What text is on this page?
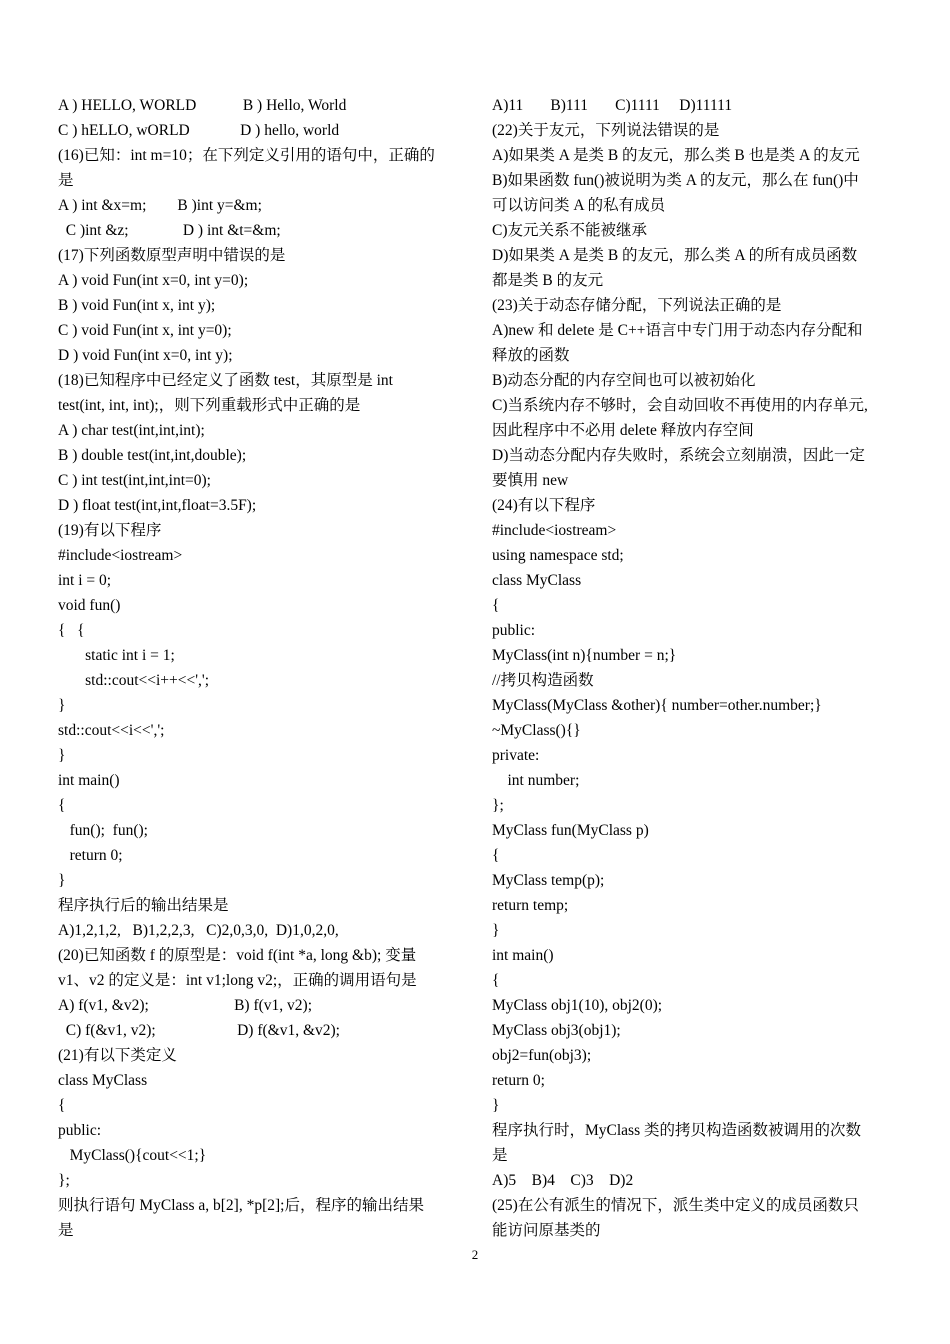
A ) HELLO, WORLD            B ) Hello, World
C ) hELLO, wORLD             D ) hello, world
(16)已知：int m=10；在下列定义引用的语句中，正确的
是
A ) int &x=m;        B )int y=&m;
C )int &z;              D ) int &t=&m;
(17)下列函数原型声明中错误的是
A ) void Fun(int x=0, int y=0);
B ) void Fun(int x, int y);
C ) void Fun(int x, int y=0);
D ) void Fun(int x=0, int y);
(18)已知程序中已经定义了函数 test，其原型是 int
test(int, int, int);，则下列重载形式中正确的是
A ) char test(int,int,int);
B ) double test(int,int,double);
C ) int test(int,int,int=0);
D ) float test(int,int,float=3.5F);
(19)有以下程序
#include<iostream>
int i = 0;
void fun()
{   {
static int i = 1;
std::cout<<i++<<',';
}
std::cout<<i<<',';
}
int main()
{
fun();  fun();
return 0;
}
程序执行后的输出结果是
A)1,2,1,2,   B)1,2,2,3,   C)2,0,3,0,  D)1,0,2,0,
(20)已知函数 f 的原型是：void f(int *a, long &b); 变量
v1、v2 的定义是：int v1;long v2;，正确的调用语句是
A) f(v1, &v2);                      B) f(v1, v2);
C) f(&v1, v2);                     D) f(&v1, &v2);
(21)有以下类定义
class MyClass
{
public:
MyClass(){cout<<1;}
};
则执行语句 MyClass a, b[2], *p[2];后，程序的输出结果
是
A)11       B)111       C)1111     D)11111
(22)关于友元，下列说法错误的是
A)如果类 A 是类 B 的友元，那么类 B 也是类 A 的友元
B)如果函数 fun()被说明为类 A 的友元，那么在 fun()中
可以访问类 A 的私有成员
C)友元关系不能被继承
D)如果类 A 是类 B 的友元，那么类 A 的所有成员函数
都是类 B 的友元
(23)关于动态存储分配，下列说法正确的是
A)new 和 delete 是 C++语言中专门用于动态内存分配和
释放的函数
B)动态分配的内存空间也可以被初始化
C)当系统内存不够时，会自动回收不再使用的内存单元,
因此程序中不必用 delete 释放内存空间
D)当动态分配内存失败时，系统会立刻崩溃，因此一定
要慎用 new
(24)有以下程序
#include<iostream>
using namespace std;
class MyClass
{
public:
MyClass(int n){number = n;}
//拷贝构造函数
MyClass(MyClass &other){ number=other.number;}
~MyClass(){}
private:
int number;
};
MyClass fun(MyClass p)
{
MyClass temp(p);
return temp;
}
int main()
{
MyClass obj1(10), obj2(0);
MyClass obj3(obj1);
obj2=fun(obj3);
return 0;
}
程序执行时，MyClass 类的拷贝构造函数被调用的次数
是
A)5    B)4    C)3    D)2
(25)在公有派生的情况下，派生类中定义的成员函数只
能访问原基类的
2
